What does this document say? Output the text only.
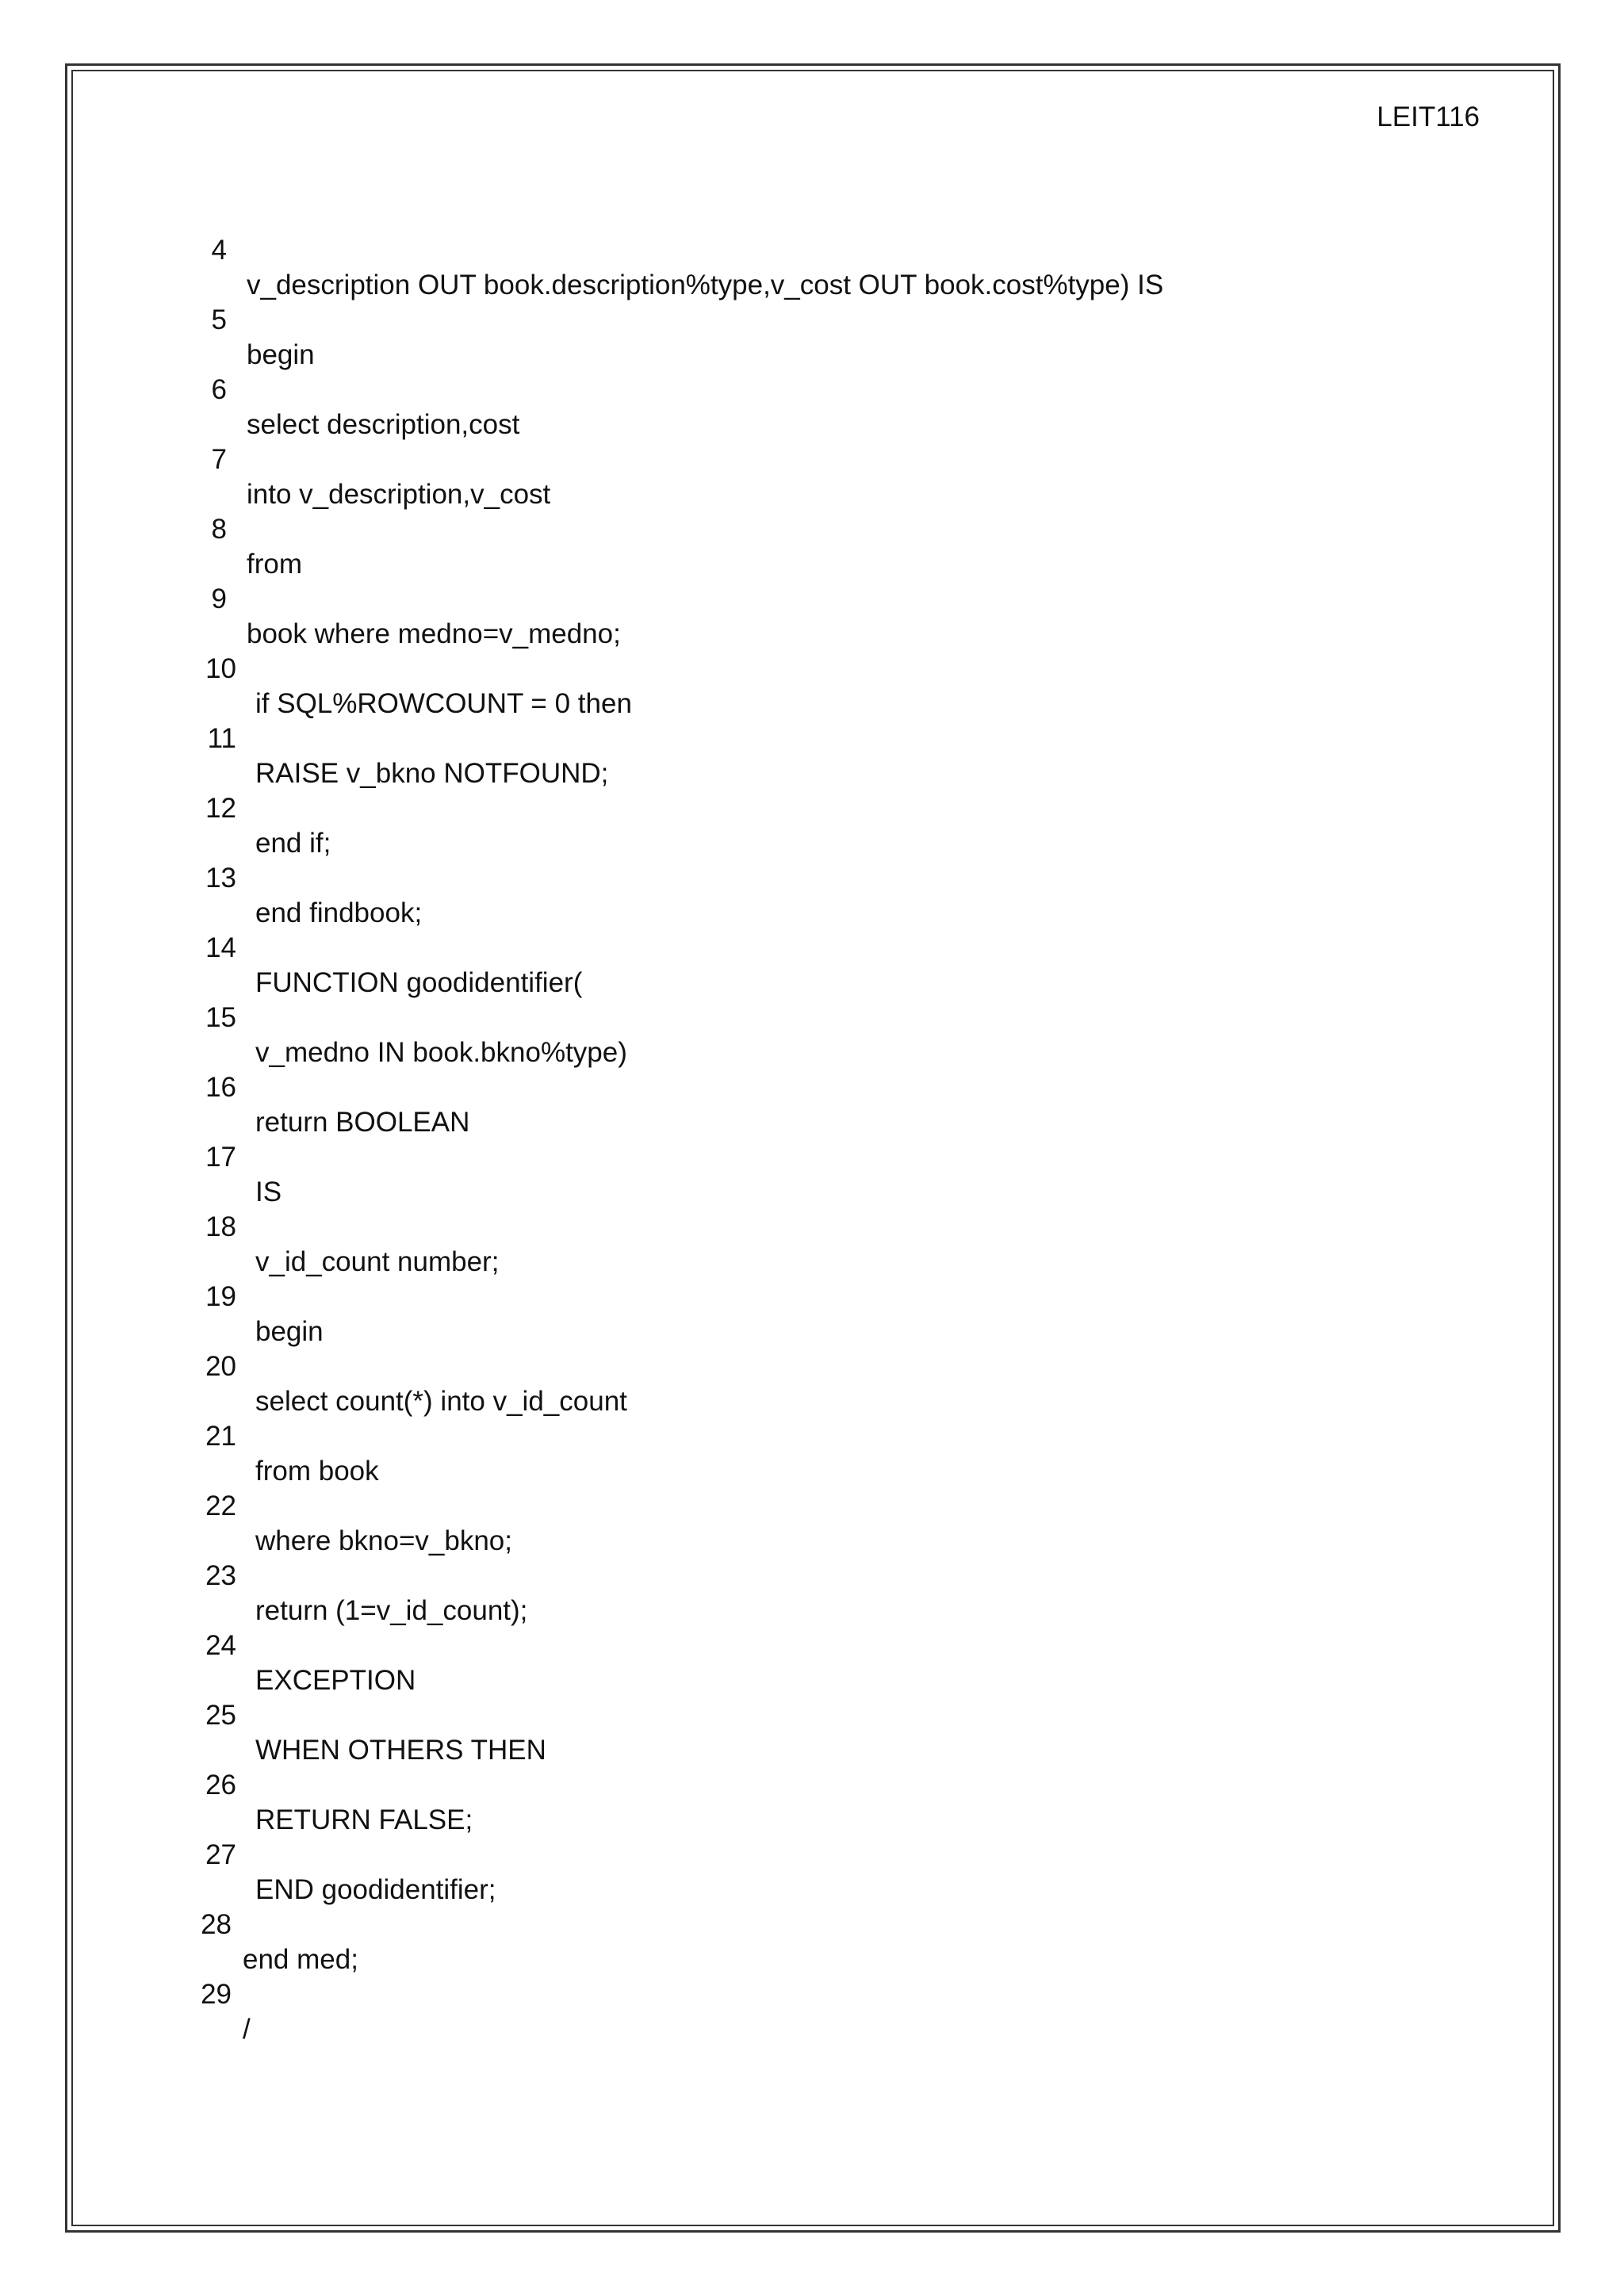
LEIT116

4

v_description OUT book.description%type,v_cost OUT book.cost%type) IS

5

begin

6

select description,cost

7

into v_description,v_cost

8

from

9

book where medno=v_medno;

10

if SQL%ROWCOUNT = 0 then

11

RAISE v_bkno NOTFOUND;

12

end if;

13

end findbook;

14

FUNCTION goodidentifier(

15

v_medno IN book.bkno%type)

16

return BOOLEAN

17

IS

18

v_id_count number;

19

begin

20

select count(*) into v_id_count

21

from book

22

where bkno=v_bkno;

23

return (1=v_id_count);

24

EXCEPTION

25

WHEN OTHERS THEN

26

RETURN FALSE;

27

END goodidentifier;

28

end med;

29

/
